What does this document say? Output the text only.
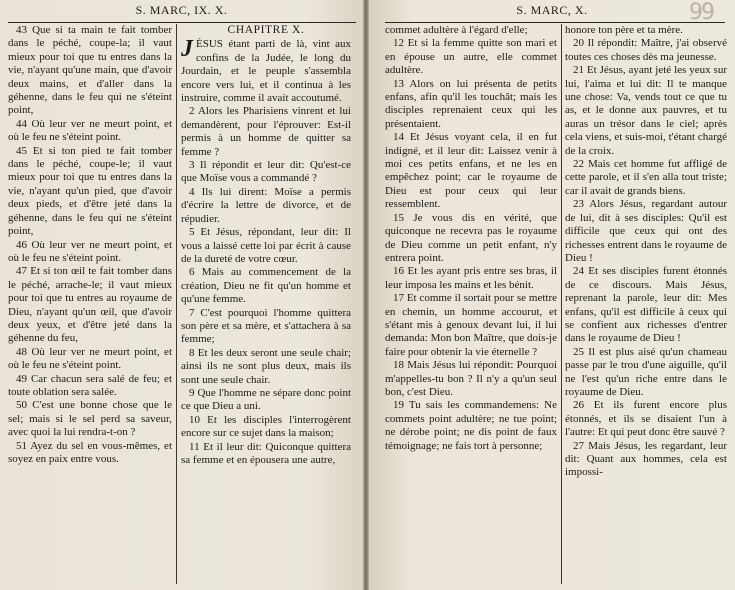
S. MARC, IX. X.

43 Que si ta main te fait tomber dans le péché, coupe-la; il vaut mieux pour toi que tu entres dans la vie, n'ayant qu'une main, que d'avoir deux mains, et d'aller dans la géhenne, dans le feu qui ne s'éteint point,

44 Où leur ver ne meurt point, et où le feu ne s'éteint point.

45 Et si ton pied te fait tomber dans le péché, coupe-le; il vaut mieux pour toi que tu entres dans la vie, n'ayant qu'un pied, que d'avoir deux pieds, et d'être jeté dans la géhenne, dans le feu qui ne s'éteint point,

46 Où leur ver ne meurt point, et où le feu ne s'éteint point.

47 Et si ton œil te fait tomber dans le péché, arrache-le; il vaut mieux pour toi que tu entres au royaume de Dieu, n'ayant qu'un œil, que d'avoir deux yeux, et d'être jeté dans la géhenne du feu,

48 Où leur ver ne meurt point, et où le feu ne s'éteint point.

49 Car chacun sera salé de feu; et toute oblation sera salée.

50 C'est une bonne chose que le sel; mais si le sel perd sa saveur, avec quoi la lui rendra-t-on ?

51 Ayez du sel en vous-mêmes, et soyez en paix entre vous.

CHAPITRE X.

JÉSUS étant parti de là, vint aux confins de la Judée, le long du Jourdain, et le peuple s'assembla encore vers lui, et il continua à les instruire, comme il avait accoutumé.

2 Alors les Pharisiens vinrent et lui demandèrent, pour l'éprouver: Est-il permis à un homme de quitter sa femme ?

3 Il répondit et leur dit: Qu'est-ce que Moïse vous a commandé ?

4 Ils lui dirent: Moïse a permis d'écrire la lettre de divorce, et de répudier.

5 Et Jésus, répondant, leur dit: Il vous a laissé cette loi par écrit à cause de la dureté de votre cœur.

6 Mais au commencement de la création, Dieu ne fit qu'un homme et qu'une femme.

7 C'est pourquoi l'homme quittera son père et sa mère, et s'attachera à sa femme;

8 Et les deux seront une seule chair; ainsi ils ne sont plus deux, mais ils sont une seule chair.

9 Que l'homme ne sépare donc point ce que Dieu a uni.

10 Et les disciples l'interrogèrent encore sur ce sujet dans la maison;

11 Et il leur dit: Quiconque quittera sa femme et en épousera une autre,

99
S. MARC, X.

commet adultère à l'égard d'elle;

12 Et si la femme quitte son mari et en épouse un autre, elle commet adultère.

13 Alors on lui présenta de petits enfans, afin qu'il les touchât; mais les disciples reprenaient ceux qui les présentaient.

14 Et Jésus voyant cela, il en fut indigné, et il leur dit: Laissez venir à moi ces petits enfans, et ne les en empêchez point; car le royaume de Dieu est pour ceux qui leur ressemblent.

15 Je vous dis en vérité, que quiconque ne recevra pas le royaume de Dieu comme un petit enfant, n'y entrera point.

16 Et les ayant pris entre ses bras, il leur imposa les mains et les bénit.

17 Et comme il sortait pour se mettre en chemin, un homme accourut, et s'étant mis à genoux devant lui, il lui demanda: Mon bon Maître, que dois-je faire pour obtenir la vie éternelle ?

18 Mais Jésus lui répondit: Pourquoi m'appelles-tu bon ? Il n'y a qu'un seul bon, c'est Dieu.

19 Tu sais les commandemens: Ne commets point adultère; ne tue point; ne dérobe point; ne dis point de faux témoignage; ne fais tort à personne;

honore ton père et ta mère.

20 Il répondit: Maître, j'ai observé toutes ces choses dès ma jeunesse.

21 Et Jésus, ayant jeté les yeux sur lui, l'aima et lui dit: Il te manque une chose: Va, vends tout ce que tu as, et le donne aux pauvres, et tu auras un trésor dans le ciel; après cela viens, et suis-moi, t'étant chargé de la croix.

22 Mais cet homme fut affligé de cette parole, et il s'en alla tout triste; car il avait de grands biens.

23 Alors Jésus, regardant autour de lui, dit à ses disciples: Qu'il est difficile que ceux qui ont des richesses entrent dans le royaume de Dieu !

24 Et ses disciples furent étonnés de ce discours. Mais Jésus, reprenant la parole, leur dit: Mes enfans, qu'il est difficile à ceux qui se confient aux richesses d'entrer dans le royaume de Dieu !

25 Il est plus aisé qu'un chameau passe par le trou d'une aiguille, qu'il ne l'est qu'un riche entre dans le royaume de Dieu.

26 Et ils furent encore plus étonnés, et ils se disaient l'un à l'autre: Et qui peut donc être sauvé ?

27 Mais Jésus, les regardant, leur dit: Quant aux hommes, cela est impossi-
